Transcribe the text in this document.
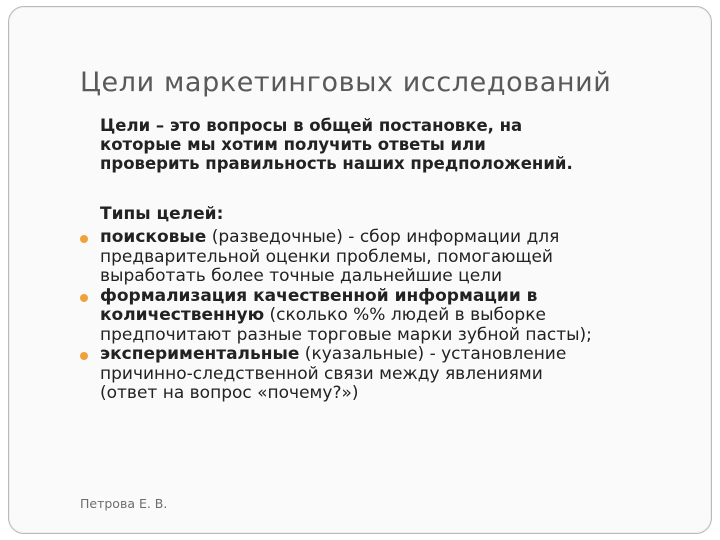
Цели маркетинговых исследований
Цели – это вопросы в общей постановке, на
которые мы хотим получить ответы или
проверить правильность наших предположений.
Типы целей:
поисковые (разведочные) - сбор информации для
предварительной оценки проблемы, помогающей
выработать более точные дальнейшие цели
формализация качественной информации в
количественную (сколько %% людей в выборке
предпочитают разные торговые марки зубной пасты);
экспериментальные (куазальные) - установление
причинно-следственной связи между явлениями
(ответ на вопрос «почему?»)
Петрова Е. В.
